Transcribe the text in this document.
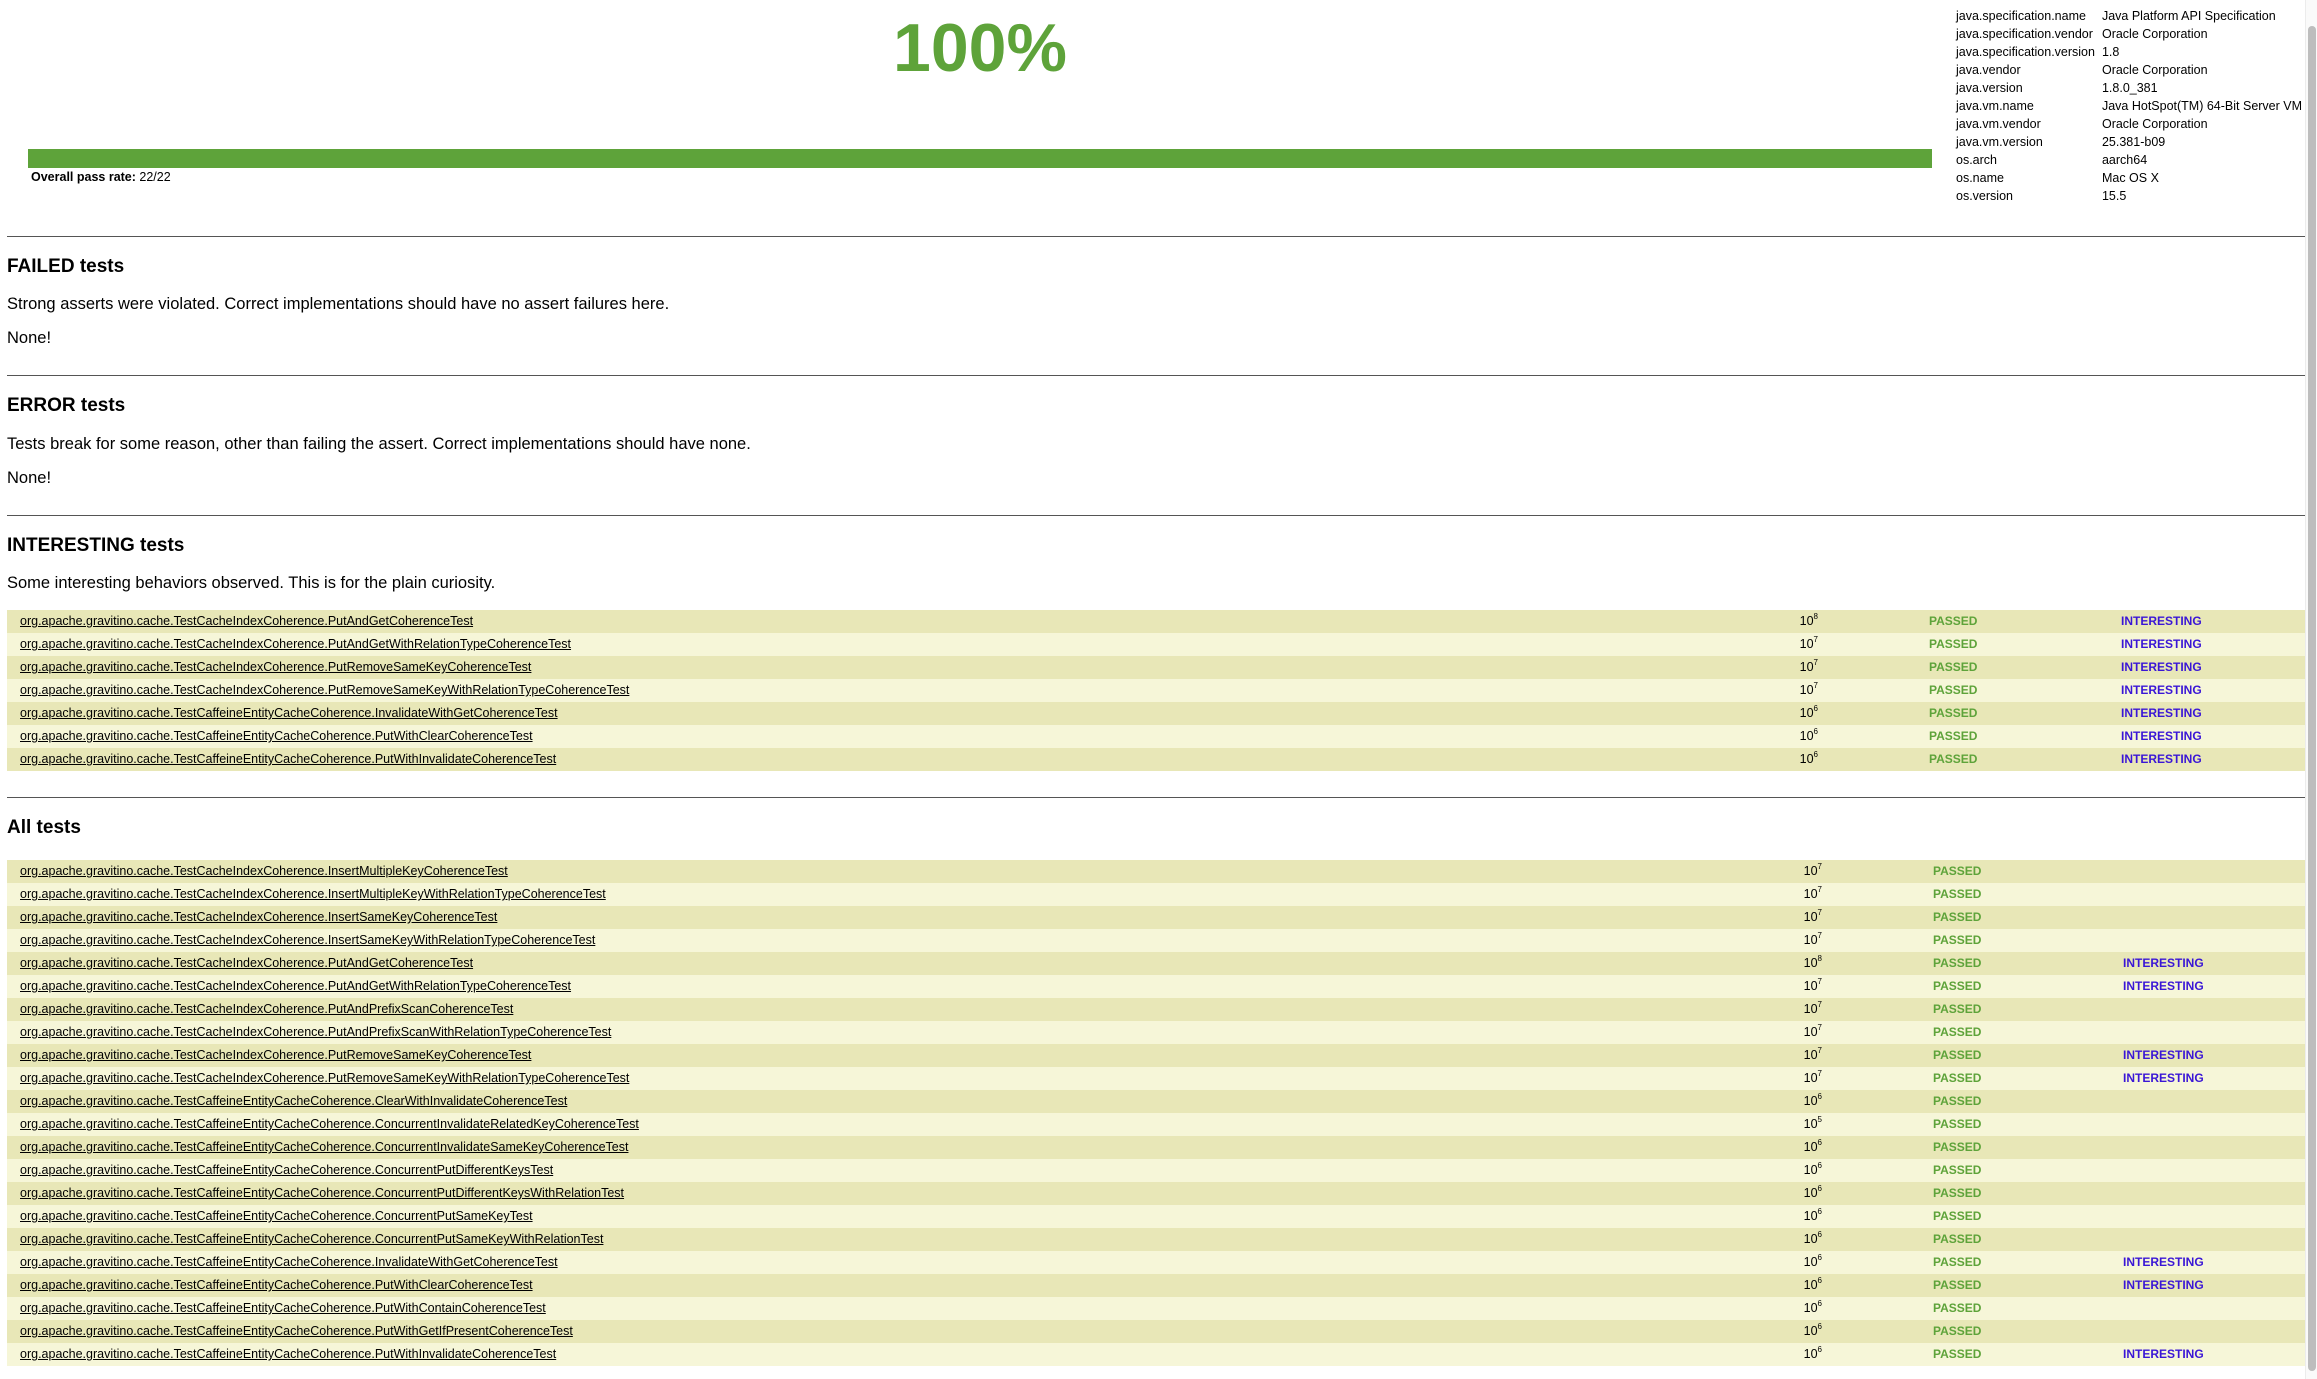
100%
Overall pass rate: 22/22
java.specification.name	Java Platform API Specification
java.specification.vendor	Oracle Corporation
java.specification.version	1.8
java.vendor	Oracle Corporation
java.version	1.8.0_381
java.vm.name	Java HotSpot(TM) 64-Bit Server VM
java.vm.vendor	Oracle Corporation
java.vm.version	25.381-b09
os.arch	aarch64
os.name	Mac OS X
os.version	15.5
FAILED tests
Strong asserts were violated. Correct implementations should have no assert failures here.
None!
ERROR tests
Tests break for some reason, other than failing the assert. Correct implementations should have none.
None!
INTERESTING tests
Some interesting behaviors observed. This is for the plain curiosity.
org.apache.gravitino.cache.TestCacheIndexCoherence.PutAndGetCoherenceTest	$10^8$	PASSED	INTERESTING
org.apache.gravitino.cache.TestCacheIndexCoherence.PutAndGetWithRelationTypeCoherenceTest	$10^7$	PASSED	INTERESTING
org.apache.gravitino.cache.TestCacheIndexCoherence.PutRemoveSameKeyCoherenceTest	$10^7$	PASSED	INTERESTING
org.apache.gravitino.cache.TestCacheIndexCoherence.PutRemoveSameKeyWithRelationTypeCoherenceTest	$10^7$	PASSED	INTERESTING
org.apache.gravitino.cache.TestCaffeineEntityCacheCoherence.InvalidateWithGetCoherenceTest	$10^6$	PASSED	INTERESTING
org.apache.gravitino.cache.TestCaffeineEntityCacheCoherence.PutWithClearCoherenceTest	$10^6$	PASSED	INTERESTING
org.apache.gravitino.cache.TestCaffeineEntityCacheCoherence.PutWithInvalidateCoherenceTest	$10^6$	PASSED	INTERESTING
All tests
org.apache.gravitino.cache.TestCacheIndexCoherence.InsertMultipleKeyCoherenceTest	$10^7$	PASSED
org.apache.gravitino.cache.TestCacheIndexCoherence.InsertMultipleKeyWithRelationTypeCoherenceTest	$10^7$	PASSED
org.apache.gravitino.cache.TestCacheIndexCoherence.InsertSameKeyCoherenceTest	$10^7$	PASSED
org.apache.gravitino.cache.TestCacheIndexCoherence.InsertSameKeyWithRelationTypeCoherenceTest	$10^7$	PASSED
org.apache.gravitino.cache.TestCacheIndexCoherence.PutAndGetCoherenceTest	$10^8$	PASSED	INTERESTING
org.apache.gravitino.cache.TestCacheIndexCoherence.PutAndGetWithRelationTypeCoherenceTest	$10^7$	PASSED	INTERESTING
org.apache.gravitino.cache.TestCacheIndexCoherence.PutAndPrefixScanCoherenceTest	$10^7$	PASSED
org.apache.gravitino.cache.TestCacheIndexCoherence.PutAndPrefixScanWithRelationTypeCoherenceTest	$10^7$	PASSED
org.apache.gravitino.cache.TestCacheIndexCoherence.PutRemoveSameKeyCoherenceTest	$10^7$	PASSED	INTERESTING
org.apache.gravitino.cache.TestCacheIndexCoherence.PutRemoveSameKeyWithRelationTypeCoherenceTest	$10^7$	PASSED	INTERESTING
org.apache.gravitino.cache.TestCaffeineEntityCacheCoherence.ClearWithInvalidateCoherenceTest	$10^6$	PASSED
org.apache.gravitino.cache.TestCaffeineEntityCacheCoherence.ConcurrentInvalidateRelatedKeyCoherenceTest	$10^5$	PASSED
org.apache.gravitino.cache.TestCaffeineEntityCacheCoherence.ConcurrentInvalidateSameKeyCoherenceTest	$10^6$	PASSED
org.apache.gravitino.cache.TestCaffeineEntityCacheCoherence.ConcurrentPutDifferentKeysTest	$10^6$	PASSED
org.apache.gravitino.cache.TestCaffeineEntityCacheCoherence.ConcurrentPutDifferentKeysWithRelationTest	$10^6$	PASSED
org.apache.gravitino.cache.TestCaffeineEntityCacheCoherence.ConcurrentPutSameKeyTest	$10^6$	PASSED
org.apache.gravitino.cache.TestCaffeineEntityCacheCoherence.ConcurrentPutSameKeyWithRelationTest	$10^6$	PASSED
org.apache.gravitino.cache.TestCaffeineEntityCacheCoherence.InvalidateWithGetCoherenceTest	$10^6$	PASSED	INTERESTING
org.apache.gravitino.cache.TestCaffeineEntityCacheCoherence.PutWithClearCoherenceTest	$10^6$	PASSED	INTERESTING
org.apache.gravitino.cache.TestCaffeineEntityCacheCoherence.PutWithContainCoherenceTest	$10^6$	PASSED
org.apache.gravitino.cache.TestCaffeineEntityCacheCoherence.PutWithGetIfPresentCoherenceTest	$10^6$	PASSED
org.apache.gravitino.cache.TestCaffeineEntityCacheCoherence.PutWithInvalidateCoherenceTest	$10^6$	PASSED	INTERESTING
